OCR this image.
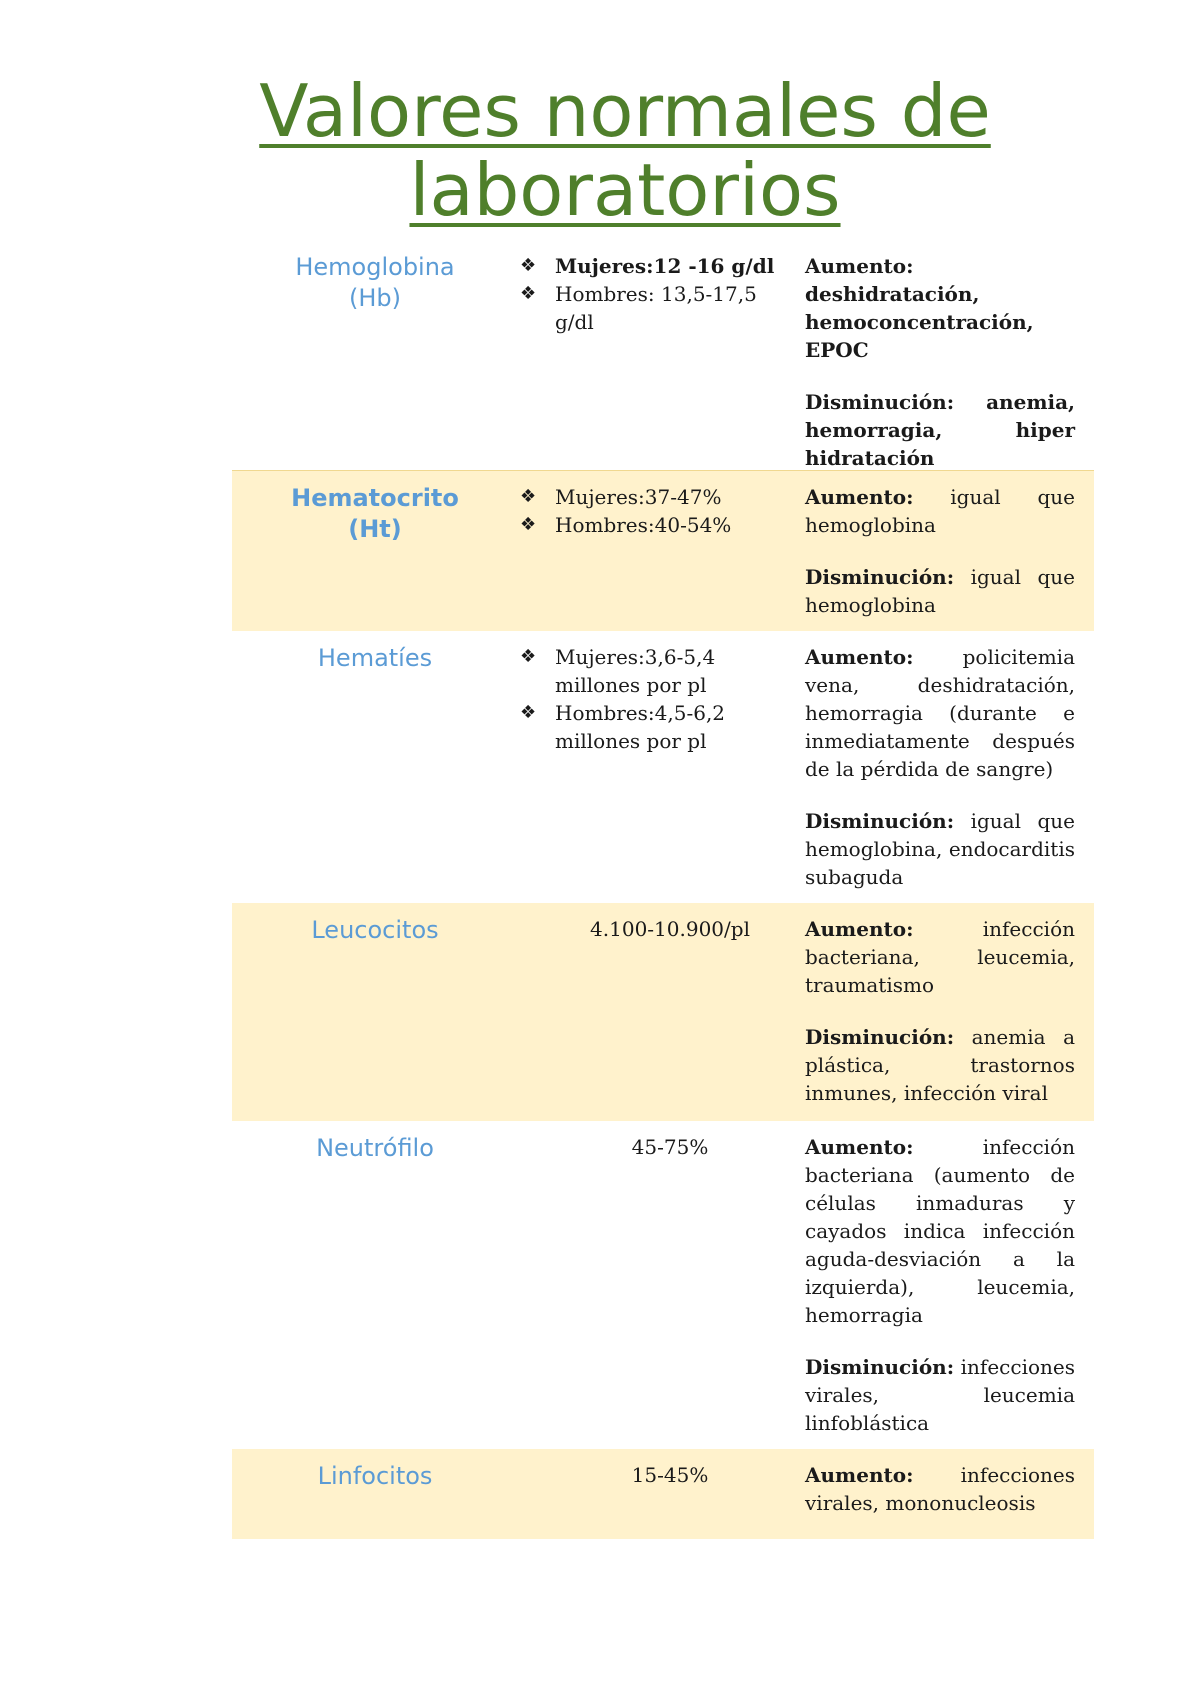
Valores normales de
laboratorios
Hemoglobina
(Hb)
❖ Mujeres:12 -16 g/dl
❖ Hombres: 13,5-17,5 g/dl

Aumento:
deshidratación, hemoconcentración, EPOC

Disminución: anemia, hemorragia, hiper hidratación

Hematocrito
(Ht)
❖ Mujeres:37-47%
❖ Hombres:40-54%

Aumento: igual que hemoglobina

Disminución: igual que hemoglobina

Hematíes
❖	Mujeres:3,6-5,4 millones por pl
❖ Hombres:4,5-6,2 millones por pl

Aumento: policitemia vena, deshidratación, hemorragia (durante e inmediatamente después de la pérdida de sangre)

Disminución: igual que hemoglobina, endocarditis subaguda

Leucocitos	4.100-10.900/pl	Aumento:	infección bacteriana, leucemia, traumatismo

Disminución: anemia a plástica, trastornos inmunes, infección viral

Neutrófilo	45-75%	Aumento:	infección bacteriana (aumento de células inmaduras y cayados indica infección aguda-desviación a la izquierda), leucemia, hemorragia

Disminución: infecciones virales, leucemia linfoblástica

Linfocitos	15-45%	Aumento: infecciones virales, mononucleosis
